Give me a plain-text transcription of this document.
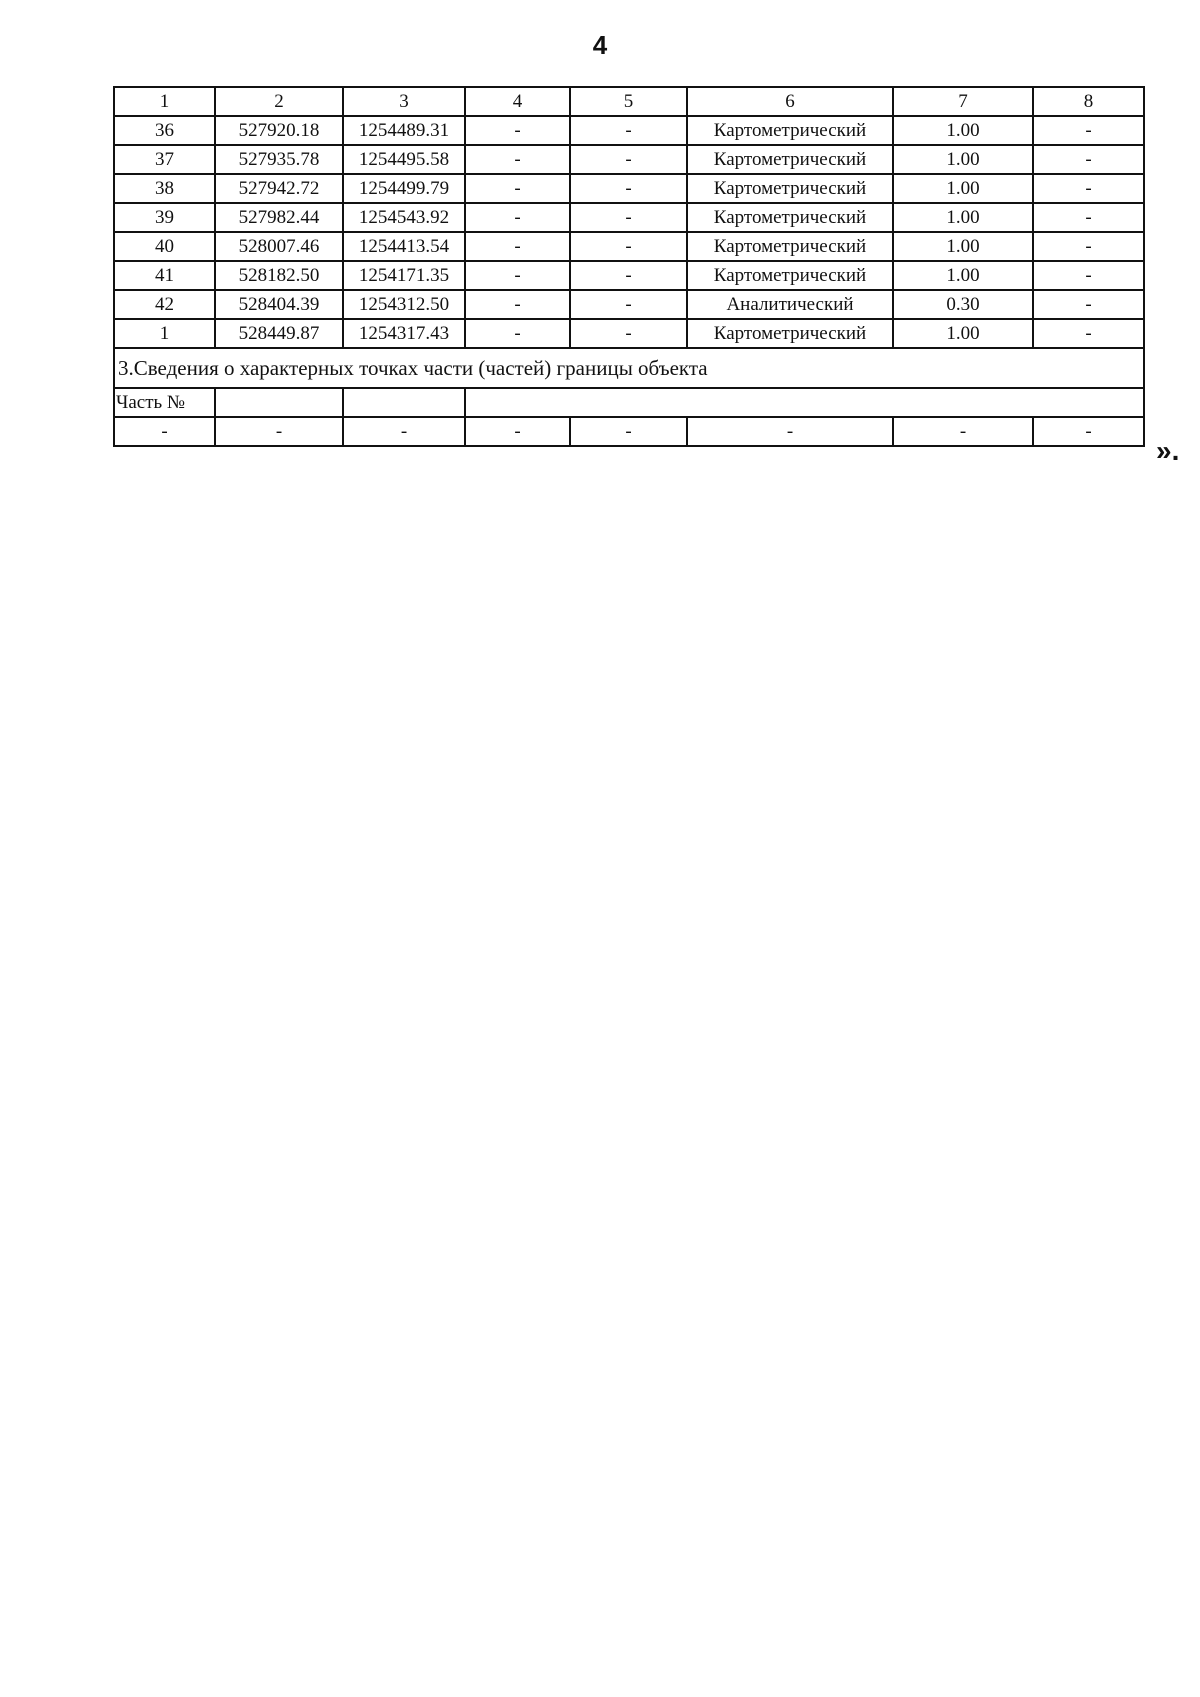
4
1	2	3	4	5	6	7	8
36	527920.18	1254489.31	-	-	Картометрический	1.00	-
37	527935.78	1254495.58	-	-	Картометрический	1.00	-
38	527942.72	1254499.79	-	-	Картометрический	1.00	-
39	527982.44	1254543.92	-	-	Картометрический	1.00	-
40	528007.46	1254413.54	-	-	Картометрический	1.00	-
41	528182.50	1254171.35	-	-	Картометрический	1.00	-
42	528404.39	1254312.50	-	-	Аналитический	0.30	-
1	528449.87	1254317.43	-	-	Картометрический	1.00	-
3.Сведения о характерных точках части (частей) границы объекта							
Часть №							
-	-	-	-	-	-	-	-
».
